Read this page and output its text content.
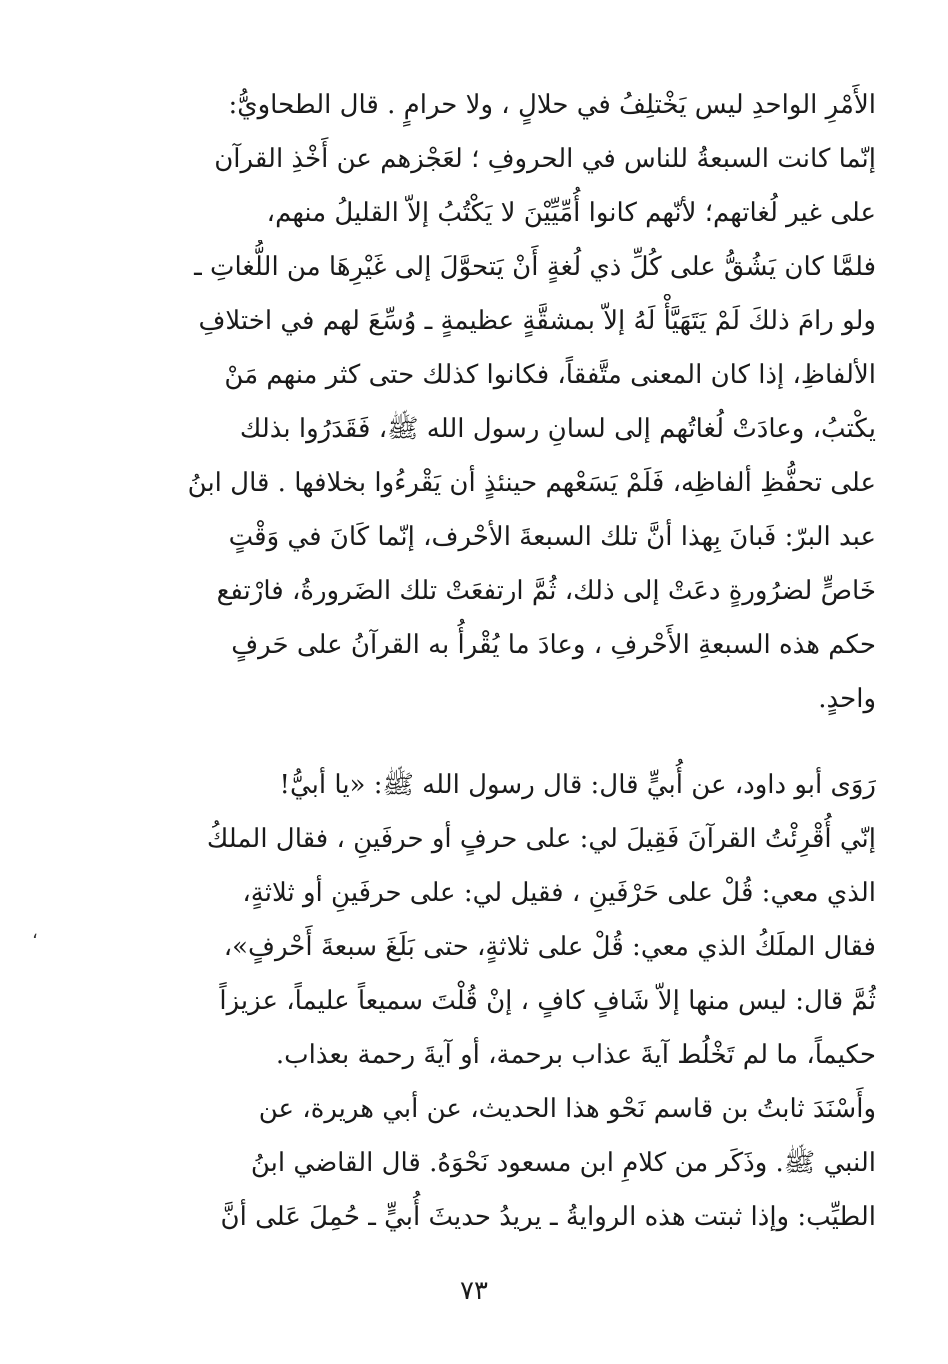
الأَمْرِ الواحدِ ليس يَخْتلِفُ في حلالٍ ، ولا حرامٍ . قال الطحاويُّ:
إنّما كانت السبعةُ للناس في الحروفِ ؛ لعَجْزهم عن أَخْذِ القرآن
على غير لُغاتهم؛ لأنّهم كانوا أُمِّيِّيْنَ لا يَكْتُبُ إلاّ القليلُ منهم،
فلمَّا كان يَشُقُّ على كُلِّ ذي لُغةٍ أَنْ يَتحوَّلَ إلى غَيْرِهَا من اللُّغاتِ ـ
ولو رامَ ذلكَ لَمْ يَتَهَيَّأْ لَهُ إلاّ بمشقَّةٍ عظيمةٍ ـ وُسِّعَ لهم في اختلافِ
الألفاظِ، إذا كان المعنى متَّفقاً، فكانوا كذلك حتى كثر منهم مَنْ
يكْتبُ، وعادَتْ لُغاتُهم إلى لسانِ رسول الله ﷺ، فَقَدَرُوا بذلك
على تحفُّظِ ألفاظِه، فَلَمْ يَسَعْهم حينئذٍ أن يَقْرءُوا بخلافها . قال ابنُ
عبد البرّ: فَبانَ بِهذا أنَّ تلك السبعةَ الأحْرف، إنّما كَانَ في وَقْتٍ
خَاصٍّ لضرُورةٍ دعَتْ إلى ذلك، ثُمَّ ارتفعَتْ تلك الضَرورةُ، فارْتفع
حكم هذه السبعةِ الأَحْرفِ ، وعادَ ما يُقْرأُ به القرآنُ على حَرفٍ
واحدٍ.
رَوَى أبو داود، عن أُبيٍّ قال: قال رسول الله ﷺ: «يا أبيُّ!
إنّي أُقْرِئْتُ القرآنَ فَقِيلَ لي: على حرفٍ أو حرفَينِ ، فقال الملكُ
الذي معي: قُلْ على حَرْفَينِ ، فقيل لي: على حرفَينِ أو ثلاثةٍ،
فقال الملَكُ الذي معي: قُلْ على ثلاثةٍ، حتى بَلَغَ سبعةَ أَحْرفٍ»،
ثُمَّ قال: ليس منها إلاّ شَافٍ كافٍ ، إنْ قُلْتَ سميعاً عليماً، عزيزاً
حكيماً، ما لم تَخْلُط آيةَ عذاب برحمة، أو آيةَ رحمة بعذاب.
وأَسْنَدَ ثابتُ بن قاسم نَحْو هذا الحديث، عن أبي هريرة، عن
النبي ﷺ. وذَكَر من كلامِ ابن مسعود نَحْوَهُ. قال القاضي ابنُ
الطيِّب: وإذا ثبتت هذه الروايةُ ـ يريدُ حديثَ أُبيٍّ ـ حُمِلَ عَلى أنَّ
،
٧٣
